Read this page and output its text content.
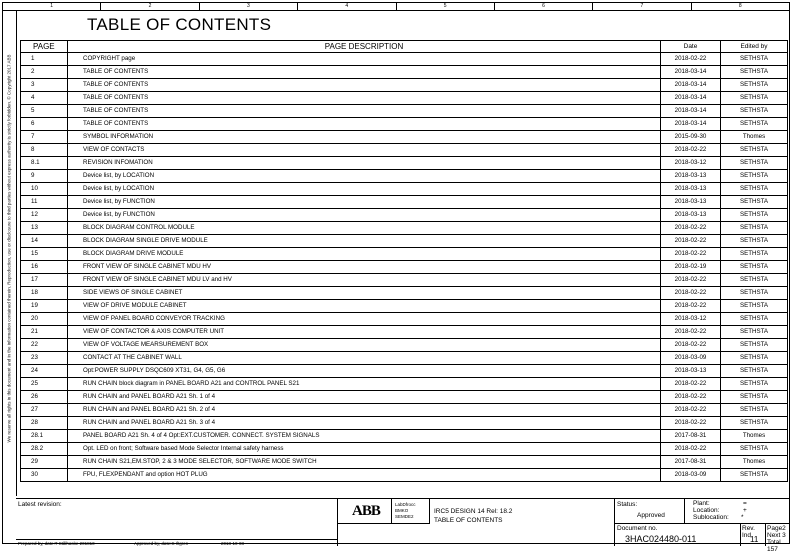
1	2	3	4	5	6	7	8
We reserve all rights in this document and in the information contained therein. Reproduction, use or disclosure to third parties without express authority is strictly forbidden. © Copyright 2017 ABB
TABLE OF CONTENTS
PAGE	PAGE DESCRIPTION	Date	Edited by
1	COPYRIGHT page	2018-02-22	SETHSTA
2	TABLE OF CONTENTS	2018-03-14	SETHSTA
3	TABLE OF CONTENTS	2018-03-14	SETHSTA
4	TABLE OF CONTENTS	2018-03-14	SETHSTA
5	TABLE OF CONTENTS	2018-03-14	SETHSTA
6	TABLE OF CONTENTS	2018-03-14	SETHSTA
7	SYMBOL INFORMATION	2015-09-30	Thomes
8	VIEW OF CONTACTS	2018-02-22	SETHSTA
8.1	REVISION INFOMATION	2018-03-12	SETHSTA
9	Device list, by LOCATION	2018-03-13	SETHSTA
10	Device list, by LOCATION	2018-03-13	SETHSTA
11	Device list, by FUNCTION	2018-03-13	SETHSTA
12	Device list, by FUNCTION	2018-03-13	SETHSTA
13	BLOCK DIAGRAM CONTROL MODULE	2018-02-22	SETHSTA
14	BLOCK DIAGRAM SINGLE DRIVE MODULE	2018-02-22	SETHSTA
15	BLOCK DIAGRAM DRIVE MODULE	2018-02-22	SETHSTA
16	FRONT VIEW OF SINGLE CABINET MDU HV	2018-02-19	SETHSTA
17	FRONT VIEW OF SINGLE CABINET MDU LV and HV	2018-02-22	SETHSTA
18	SIDE VIEWS OF SINGLE CABINET	2018-02-22	SETHSTA
19	VIEW OF DRIVE MODULE CABINET	2018-02-22	SETHSTA
20	VIEW OF PANEL BOARD CONVEYOR TRACKING	2018-03-12	SETHSTA
21	VIEW OF CONTACTOR & AXIS COMPUTER UNIT	2018-02-22	SETHSTA
22	VIEW OF VOLTAGE MEARSUREMENT BOX	2018-02-22	SETHSTA
23	CONTACT AT THE CABINET WALL	2018-03-09	SETHSTA
24	Opt:POWER SUPPLY DSQC609 XT31, G4, G5, G6	2018-03-13	SETHSTA
25	RUN CHAIN block diagram in PANEL BOARD A21 and CONTROL PANEL S21	2018-02-22	SETHSTA
26	RUN CHAIN and PANEL BOARD A21 Sh. 1 of 4	2018-02-22	SETHSTA
27	RUN CHAIN and PANEL BOARD A21 Sh. 2 of 4	2018-02-22	SETHSTA
28	RUN CHAIN and PANEL BOARD A21 Sh. 3 of 4	2018-02-22	SETHSTA
28.1	PANEL BOARD A21 Sh. 4 of 4 Opt:EXT.CUSTOMER. CONNECT. SYSTEM SIGNALS	2017-08-31	Thomes
28.2	Opt. LED on front; Software based Mode Selector Internal safety harness	2018-02-22	SETHSTA
29	RUN CHAIN S21,EM.STOP, 2 & 3 MODE SELECTOR, SOFTWARE MODE SWITCH	2017-08-31	Thomes
30	FPU, FLEXPENDANT and option HOT PLUG	2018-03-09	SETHSTA
Latest revision:
Prepared by, date:T Stålhaske 201810	Approved by, date:S Ögren	2018-10-08
ABB	LabDfrocc
BMKO
SEMDE2
IRC5 DESIGN 14 Rel: 18.2
TABLE OF CONTENTS
Status:
Approved
Plant:	=
Location:	+
Sublocation: *
Document no.
3HAC024480-011
Rev. Ind
11
Page2
Next 3
Total 157
